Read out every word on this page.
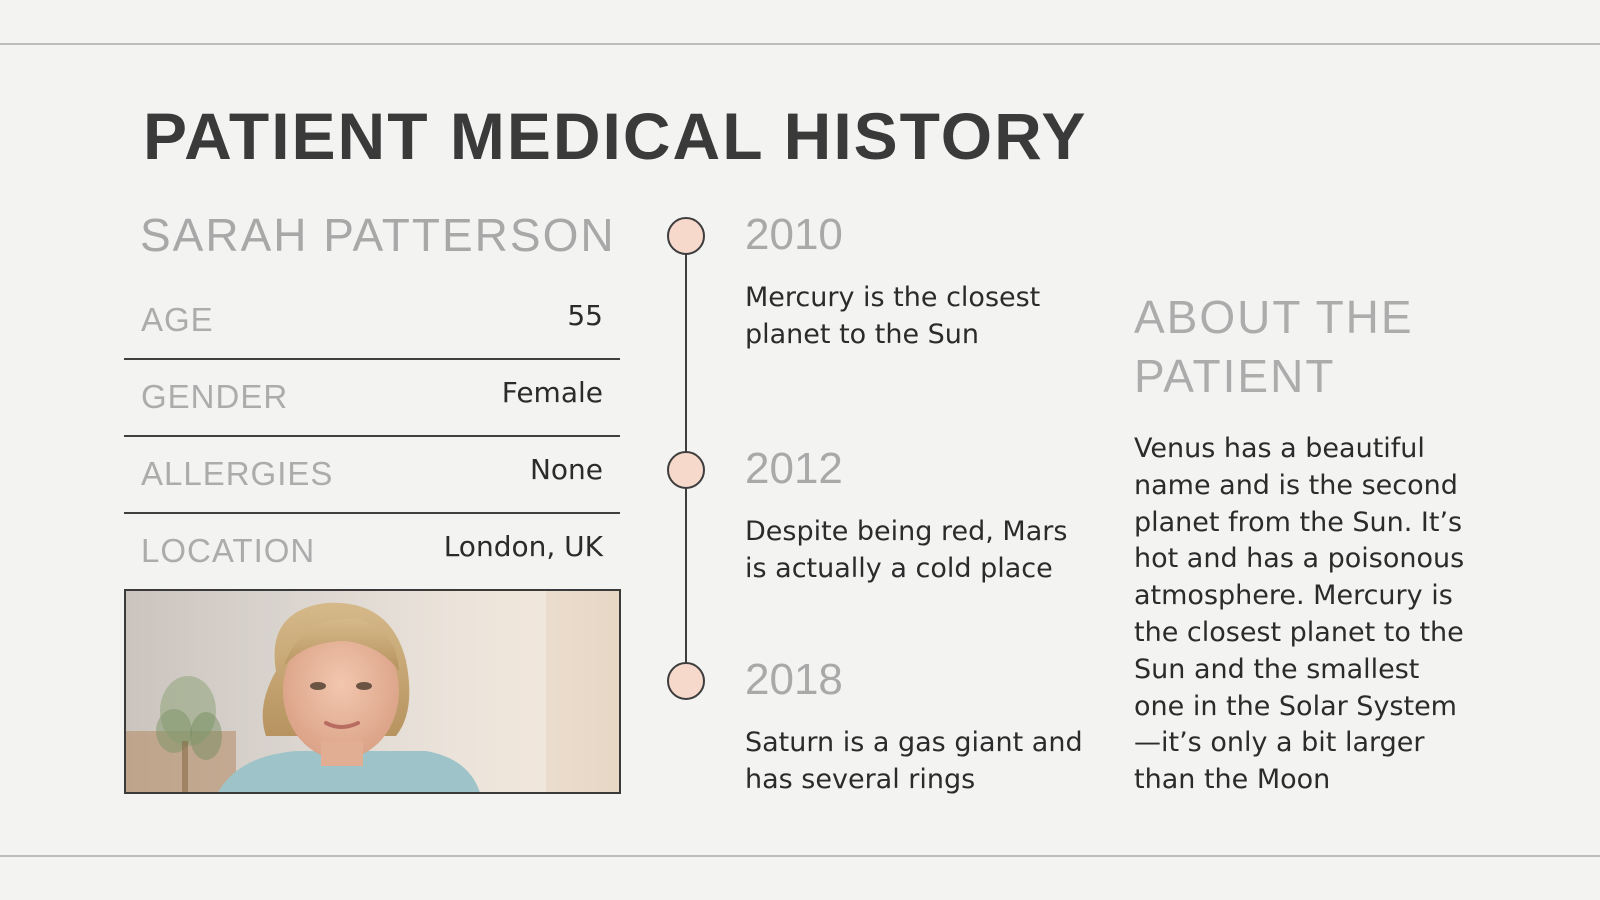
PATIENT MEDICAL HISTORY
SARAH PATTERSON
AGE	55
GENDER	Female
ALLERGIES	None
LOCATION	London, UK
2010
Mercury is the closest planet to the Sun
2012
Despite being red, Mars is actually a cold place
2018
Saturn is a gas giant and has several rings
ABOUT THE PATIENT
Venus has a beautiful name and is the second planet from the Sun. It’s hot and has a poisonous atmosphere. Mercury is the closest planet to the Sun and the smallest one in the Solar System—it’s only a bit larger than the Moon
